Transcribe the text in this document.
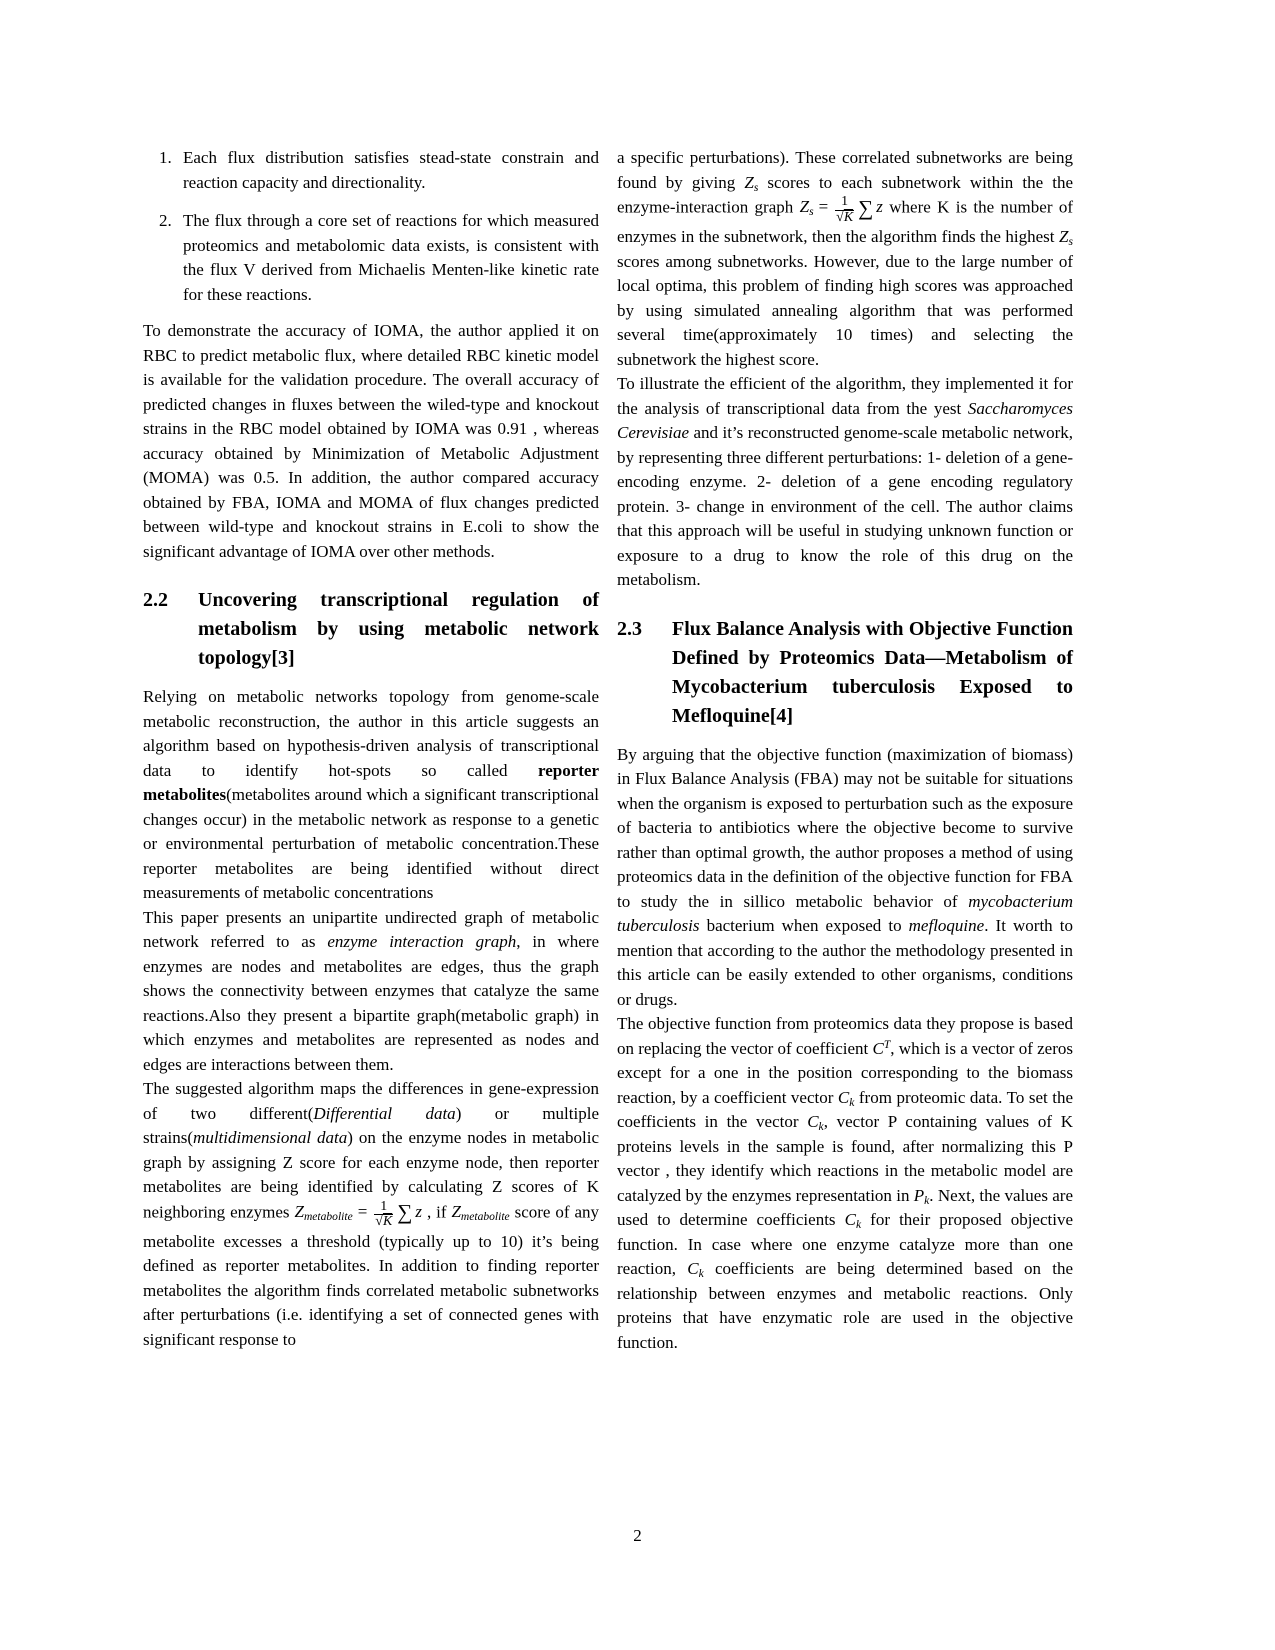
1. Each flux distribution satisfies stead-state constrain and reaction capacity and directionality.
2. The flux through a core set of reactions for which measured proteomics and metabolomic data exists, is consistent with the flux V derived from Michaelis Menten-like kinetic rate for these reactions.

To demonstrate the accuracy of IOMA, the author applied it on RBC to predict metabolic flux, where detailed RBC kinetic model is available for the validation procedure. The overall accuracy of predicted changes in fluxes between the wiled-type and knockout strains in the RBC model obtained by IOMA was 0.91 , whereas accuracy obtained by Minimization of Metabolic Adjustment (MOMA) was 0.5. In addition, the author compared accuracy obtained by FBA, IOMA and MOMA of flux changes predicted between wild-type and knockout strains in E.coli to show the significant advantage of IOMA over other methods.

2.2	Uncovering transcriptional regulation of metabolism by using metabolic network topology[3]

Relying on metabolic networks topology from genome-scale metabolic reconstruction, the author in this article suggests an algorithm based on hypothesis-driven analysis of transcriptional data to identify hot-spots so called reporter metabolites(metabolites around which a significant transcriptional changes occur) in the metabolic network as response to a genetic or environmental perturbation of metabolic concentration.These reporter metabolites are being identified without direct measurements of metabolic concentrations

This paper presents an unipartite undirected graph of metabolic network referred to as enzyme interaction graph, in where enzymes are nodes and metabolites are edges, thus the graph shows the connectivity between enzymes that catalyze the same reactions.Also they present a bipartite graph(metabolic graph) in which enzymes and metabolites are represented as nodes and edges are interactions between them.

The suggested algorithm maps the differences in gene-expression of two different(Differential data) or multiple strains(multidimensional data) on the enzyme nodes in metabolic graph by assigning Z score for each enzyme node, then reporter metabolites are being identified by calculating Z scores of K neighboring enzymes $Z_{metabolite} = \frac{1}{√K}$ ∑ z , if $Z_{metabolite}$ score of any metabolite excesses a threshold (typically up to 10) it’s being defined as reporter metabolites. In addition to finding reporter metabolites the algorithm finds correlated metabolic subnetworks after perturbations (i.e. identifying a set of connected genes with significant response to

a specific perturbations). These correlated subnetworks are being found by giving $Z_s$ scores to each subnetwork within the the enzyme-interaction graph $Z_s = \frac{1}{√K}$ ∑ z where K is the number of enzymes in the subnetwork, then the algorithm finds the highest $Z_s$ scores among subnetworks. However, due to the large number of local optima, this problem of finding high scores was approached by using simulated annealing algorithm that was performed several time(approximately 10 times) and selecting the subnetwork the highest score.

To illustrate the efficient of the algorithm, they implemented it for the analysis of transcriptional data from the yest Saccharomyces Cerevisiae and it’s reconstructed genome-scale metabolic network, by representing three different perturbations: 1- deletion of a gene-encoding enzyme. 2- deletion of a gene encoding regulatory protein. 3- change in environment of the cell. The author claims that this approach will be useful in studying unknown function or exposure to a drug to know the role of this drug on the metabolism.

2.3	Flux Balance Analysis with Objective Function Defined by Proteomics Data—Metabolism of Mycobacterium tuberculosis Exposed to Mefloquine[4]

By arguing that the objective function (maximization of biomass) in Flux Balance Analysis (FBA) may not be suitable for situations when the organism is exposed to perturbation such as the exposure of bacteria to antibiotics where the objective become to survive rather than optimal growth, the author proposes a method of using proteomics data in the definition of the objective function for FBA to study the in sillico metabolic behavior of mycobacterium tuberculosis bacterium when exposed to mefloquine. It worth to mention that according to the author the methodology presented in this article can be easily extended to other organisms, conditions or drugs.

The objective function from proteomics data they propose is based on replacing the vector of coefficient $C^T$, which is a vector of zeros except for a one in the position corresponding to the biomass reaction, by a coefficient vector $C_k$ from proteomic data. To set the coefficients in the vector $C_k$, vector P containing values of K proteins levels in the sample is found, after normalizing this P vector , they identify which reactions in the metabolic model are catalyzed by the enzymes representation in $P_k$. Next, the values are used to determine coefficients $C_k$ for their proposed objective function. In case where one enzyme catalyze more than one reaction, $C_k$ coefficients are being determined based on the relationship between enzymes and metabolic reactions. Only proteins that have enzymatic role are used in the objective function.

2
